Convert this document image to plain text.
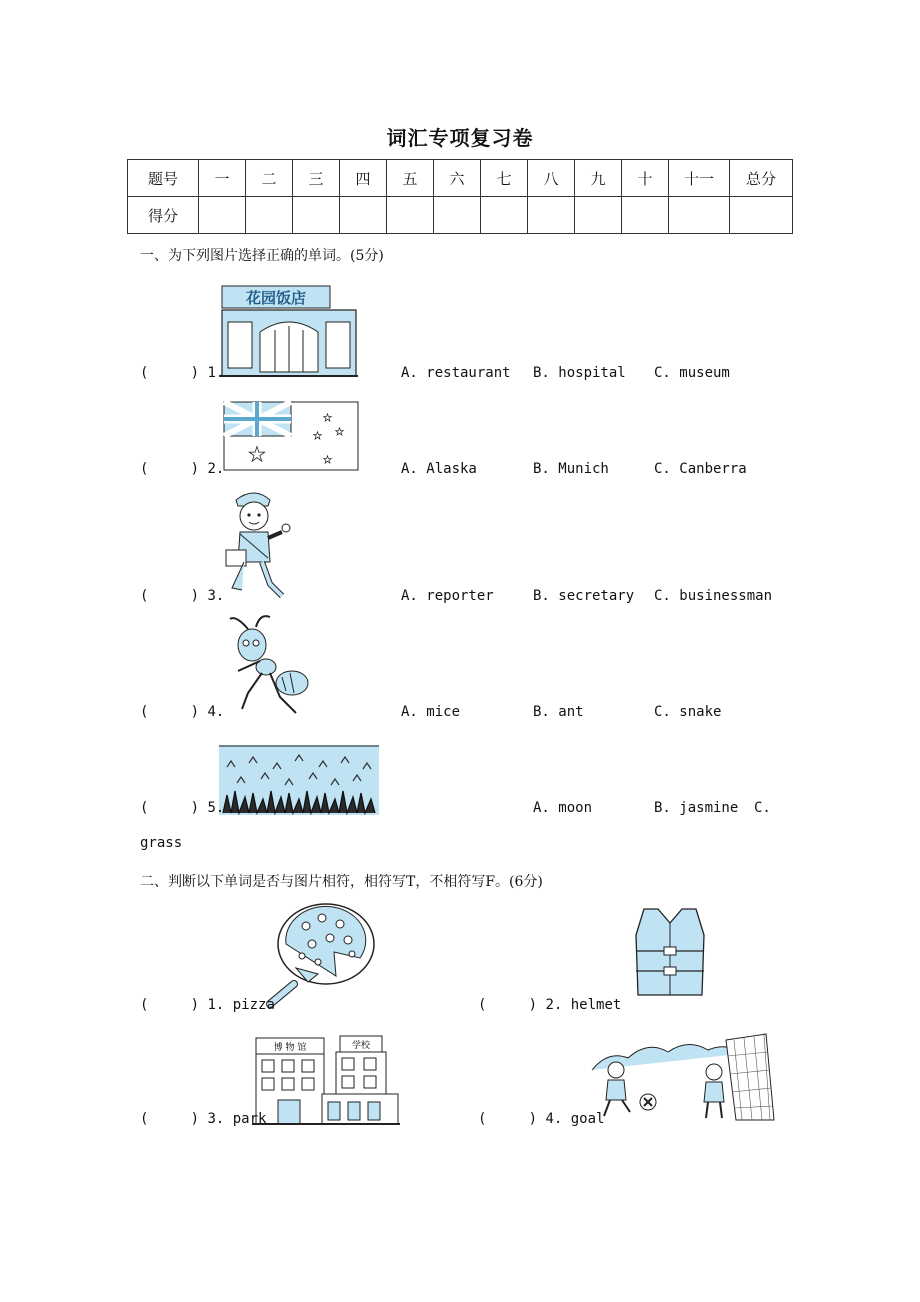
词汇专项复习卷
题号	一	二	三	四	五	六	七	八	九	十	十一	总分
得分												
一、为下列图片选择正确的单词。(5分)
花园饭店
(     ) 1.	A. restaurant B. hospital C. museum
★
★
★
★
★
(     ) 2.	A. Alaska	B. Munich	C. Canberra
(     ) 3.	A. reporter	B. secretary C. businessman
(     ) 4.	A. mice	B. ant	C. snake
(     ) 5.	A. moon	B. jasmine C.
grass
二、判断以下单词是否与图片相符，相符写T，不相符写F。(6分)
(     ) 1. pizza	(     ) 2. helmet
博 物 馆	学校
(     ) 3. park	(     ) 4. goal
